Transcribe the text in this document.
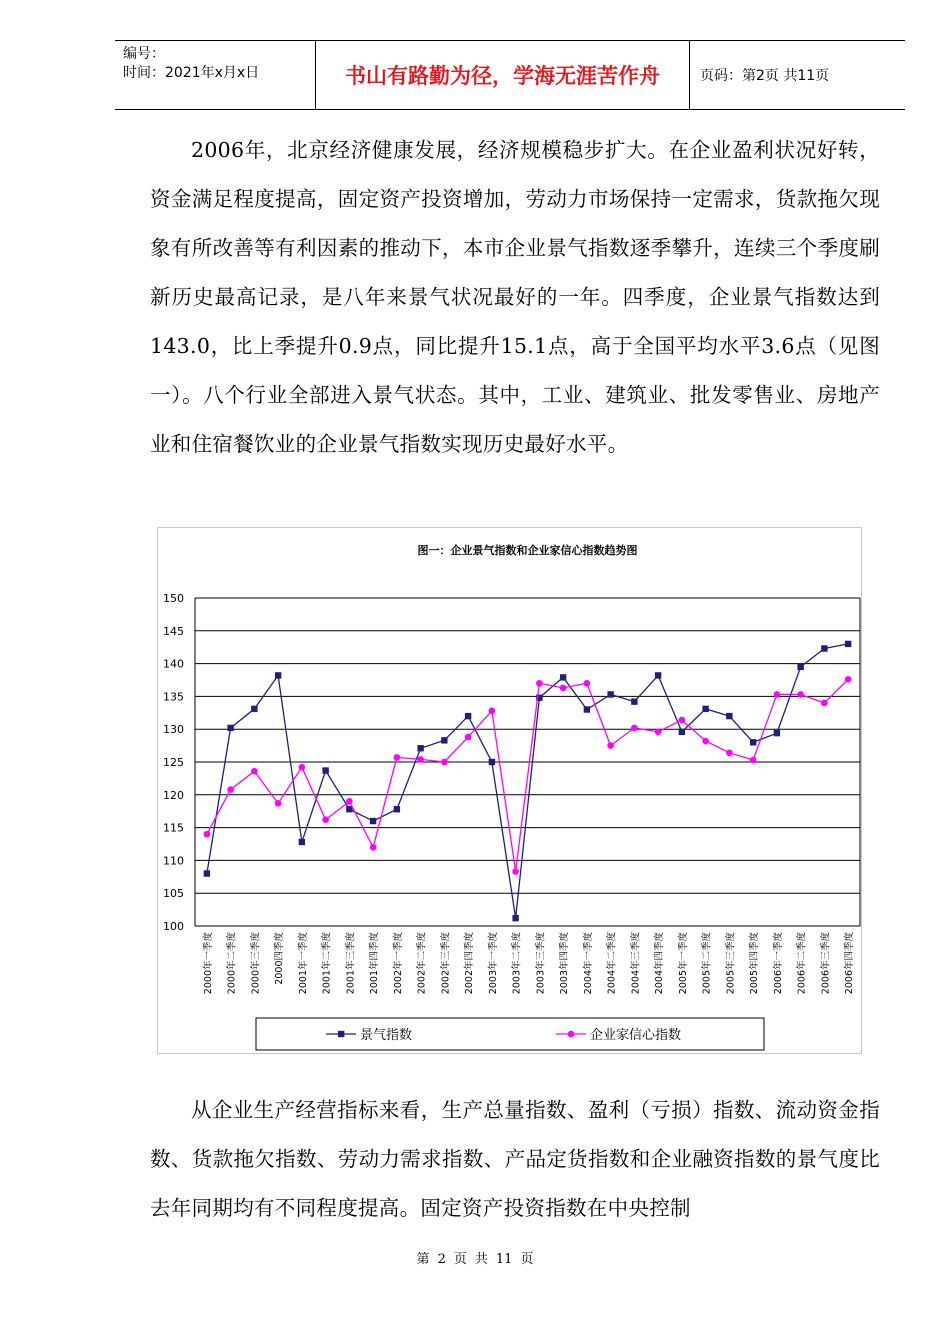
编号：
时间：2021年x月x日	书山有路勤为径，学海无涯苦作舟	页码：第2页 共11页
2006年，北京经济健康发展，经济规模稳步扩大。在企业盈利状况好转，资金满足程度提高，固定资产投资增加，劳动力市场保持一定需求，货款拖欠现象有所改善等有利因素的推动下，本市企业景气指数逐季攀升，连续三个季度刷新历史最高记录，是八年来景气状况最好的一年。四季度，企业景气指数达到143.0，比上季提升0.9点，同比提升15.1点，高于全国平均水平3.6点（见图一）。八个行业全部进入景气状态。其中，工业、建筑业、批发零售业、房地产业和住宿餐饮业的企业景气指数实现历史最好水平。
图一：企业景气指数和企业家信心指数趋势图
100
105
110
115
120
125
130
135
140
145
150
2000年一季度 2000年二季度 2000年三季度 2000四季度 2001年一季度 2001年二季度 2001年三季度 2001年四季度 2002年一季度 2002年二季度 2002年三季度 2002年四季度 2003年一季度 2003年二季度 2003年三季度 2003年四季度 2004年一季度 2004年二季度 2004年三季度 2004年四季度 2005年一季度 2005年二季度 2005年三季度 2005年四季度 2006年一季度 2006年二季度 2006年三季度 2006年四季度
景气指数	企业家信心指数
从企业生产经营指标来看，生产总量指数、盈利（亏损）指数、流动资金指数、货款拖欠指数、劳动力需求指数、产品定货指数和企业融资指数的景气度比去年同期均有不同程度提高。固定资产投资指数在中央控制
第 2 页 共 11 页
